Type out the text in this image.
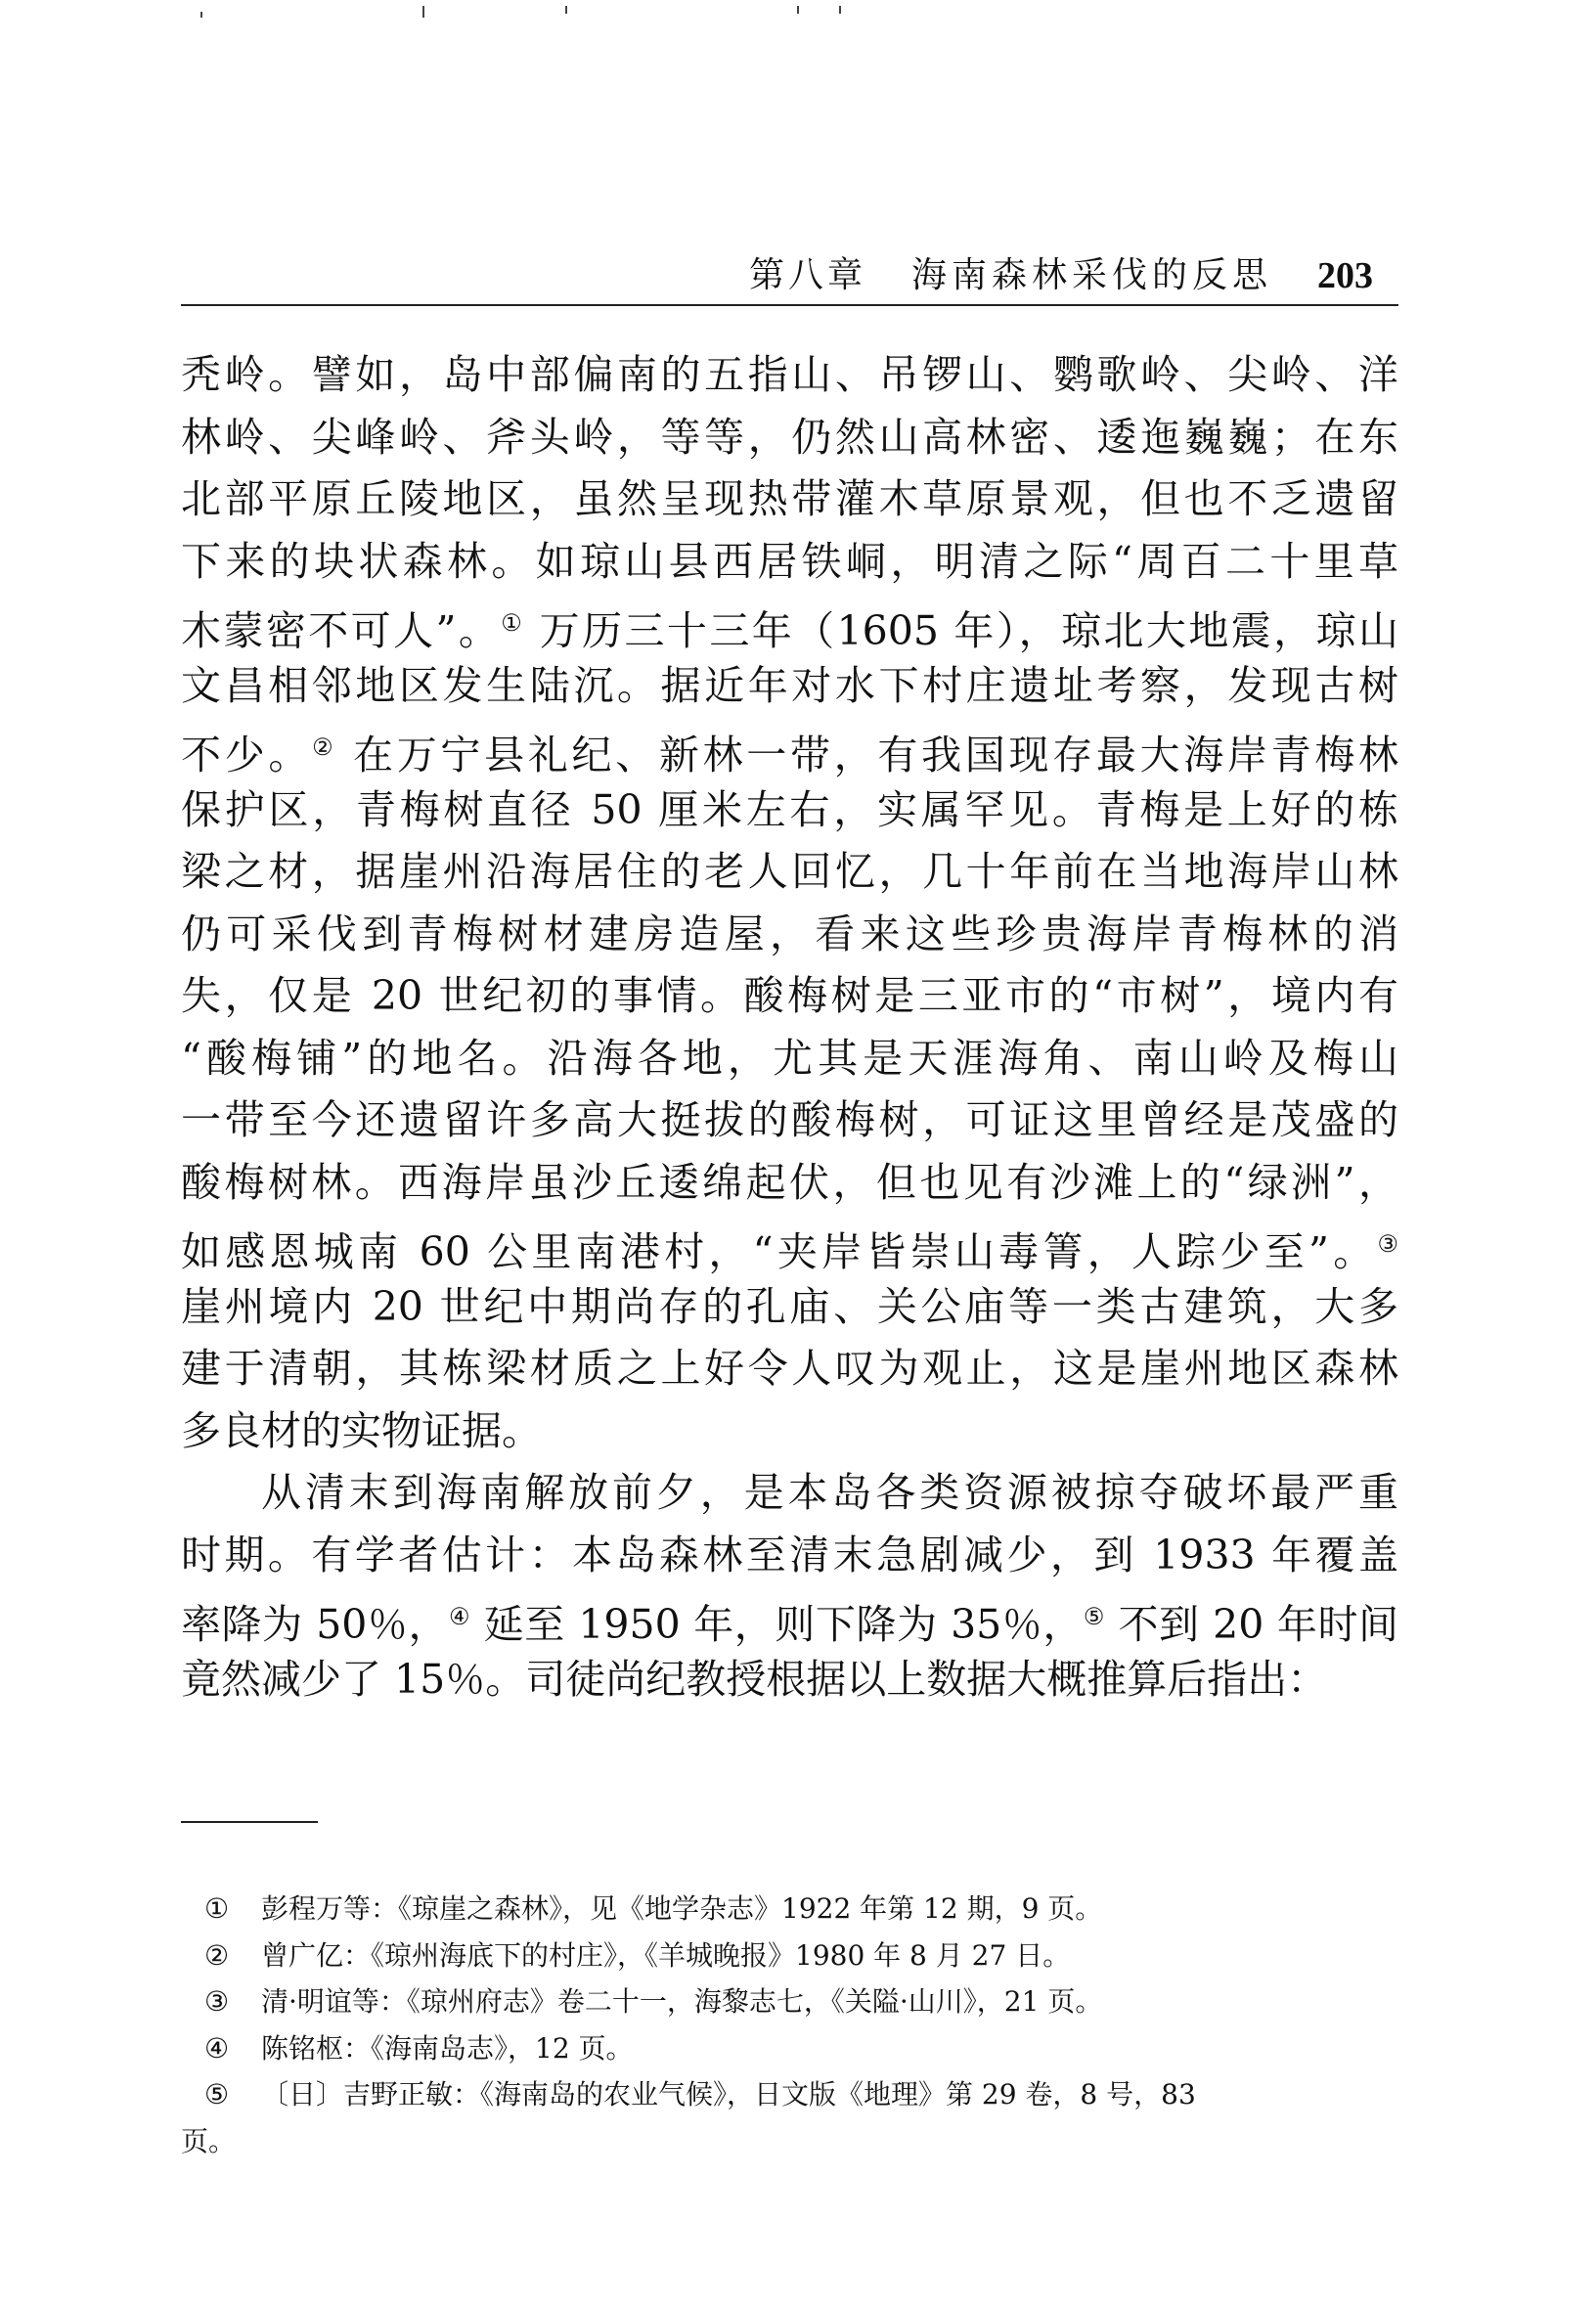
第八章 海南森林采伐的反思 203
秃岭。譬如，岛中部偏南的五指山、吊锣山、鹦歌岭、尖岭、洋
林岭、尖峰岭、斧头岭，等等，仍然山高林密、逶迤巍巍；在东
北部平原丘陵地区，虽然呈现热带灌木草原景观，但也不乏遗留
下来的块状森林。如琼山县西居铁峒，明清之际“周百二十里草
木蒙密不可人”。① 万历三十三年（1605 年），琼北大地震，琼山
文昌相邻地区发生陆沉。据近年对水下村庄遗址考察，发现古树
不少。② 在万宁县礼纪、新林一带，有我国现存最大海岸青梅林
保护区，青梅树直径 50 厘米左右，实属罕见。青梅是上好的栋
梁之材，据崖州沿海居住的老人回忆，几十年前在当地海岸山林
仍可采伐到青梅树材建房造屋，看来这些珍贵海岸青梅林的消
失，仅是 20 世纪初的事情。酸梅树是三亚市的“市树”，境内有
“酸梅铺”的地名。沿海各地，尤其是天涯海角、南山岭及梅山
一带至今还遗留许多高大挺拔的酸梅树，可证这里曾经是茂盛的
酸梅树林。西海岸虽沙丘逶绵起伏，但也见有沙滩上的“绿洲”，
如感恩城南 60 公里南港村，“夹岸皆崇山毒箐，人踪少至”。③
崖州境内 20 世纪中期尚存的孔庙、关公庙等一类古建筑，大多
建于清朝，其栋梁材质之上好令人叹为观止，这是崖州地区森林
多良材的实物证据。
从清末到海南解放前夕，是本岛各类资源被掠夺破坏最严重
时期。有学者估计：本岛森林至清末急剧减少，到 1933 年覆盖
率降为 50％，④ 延至 1950 年，则下降为 35％，⑤ 不到 20 年时间
竟然减少了 15％。司徒尚纪教授根据以上数据大概推算后指出：
① 彭程万等：《琼崖之森林》，见《地学杂志》1922 年第 12 期，9 页。
② 曾广亿：《琼州海底下的村庄》，《羊城晚报》1980 年 8 月 27 日。
③ 清·明谊等：《琼州府志》卷二十一，海黎志七，《关隘·山川》，21 页。
④ 陈铭枢：《海南岛志》，12 页。
⑤ 〔日〕吉野正敏：《海南岛的农业气候》，日文版《地理》第 29 卷，8 号，83
页。
